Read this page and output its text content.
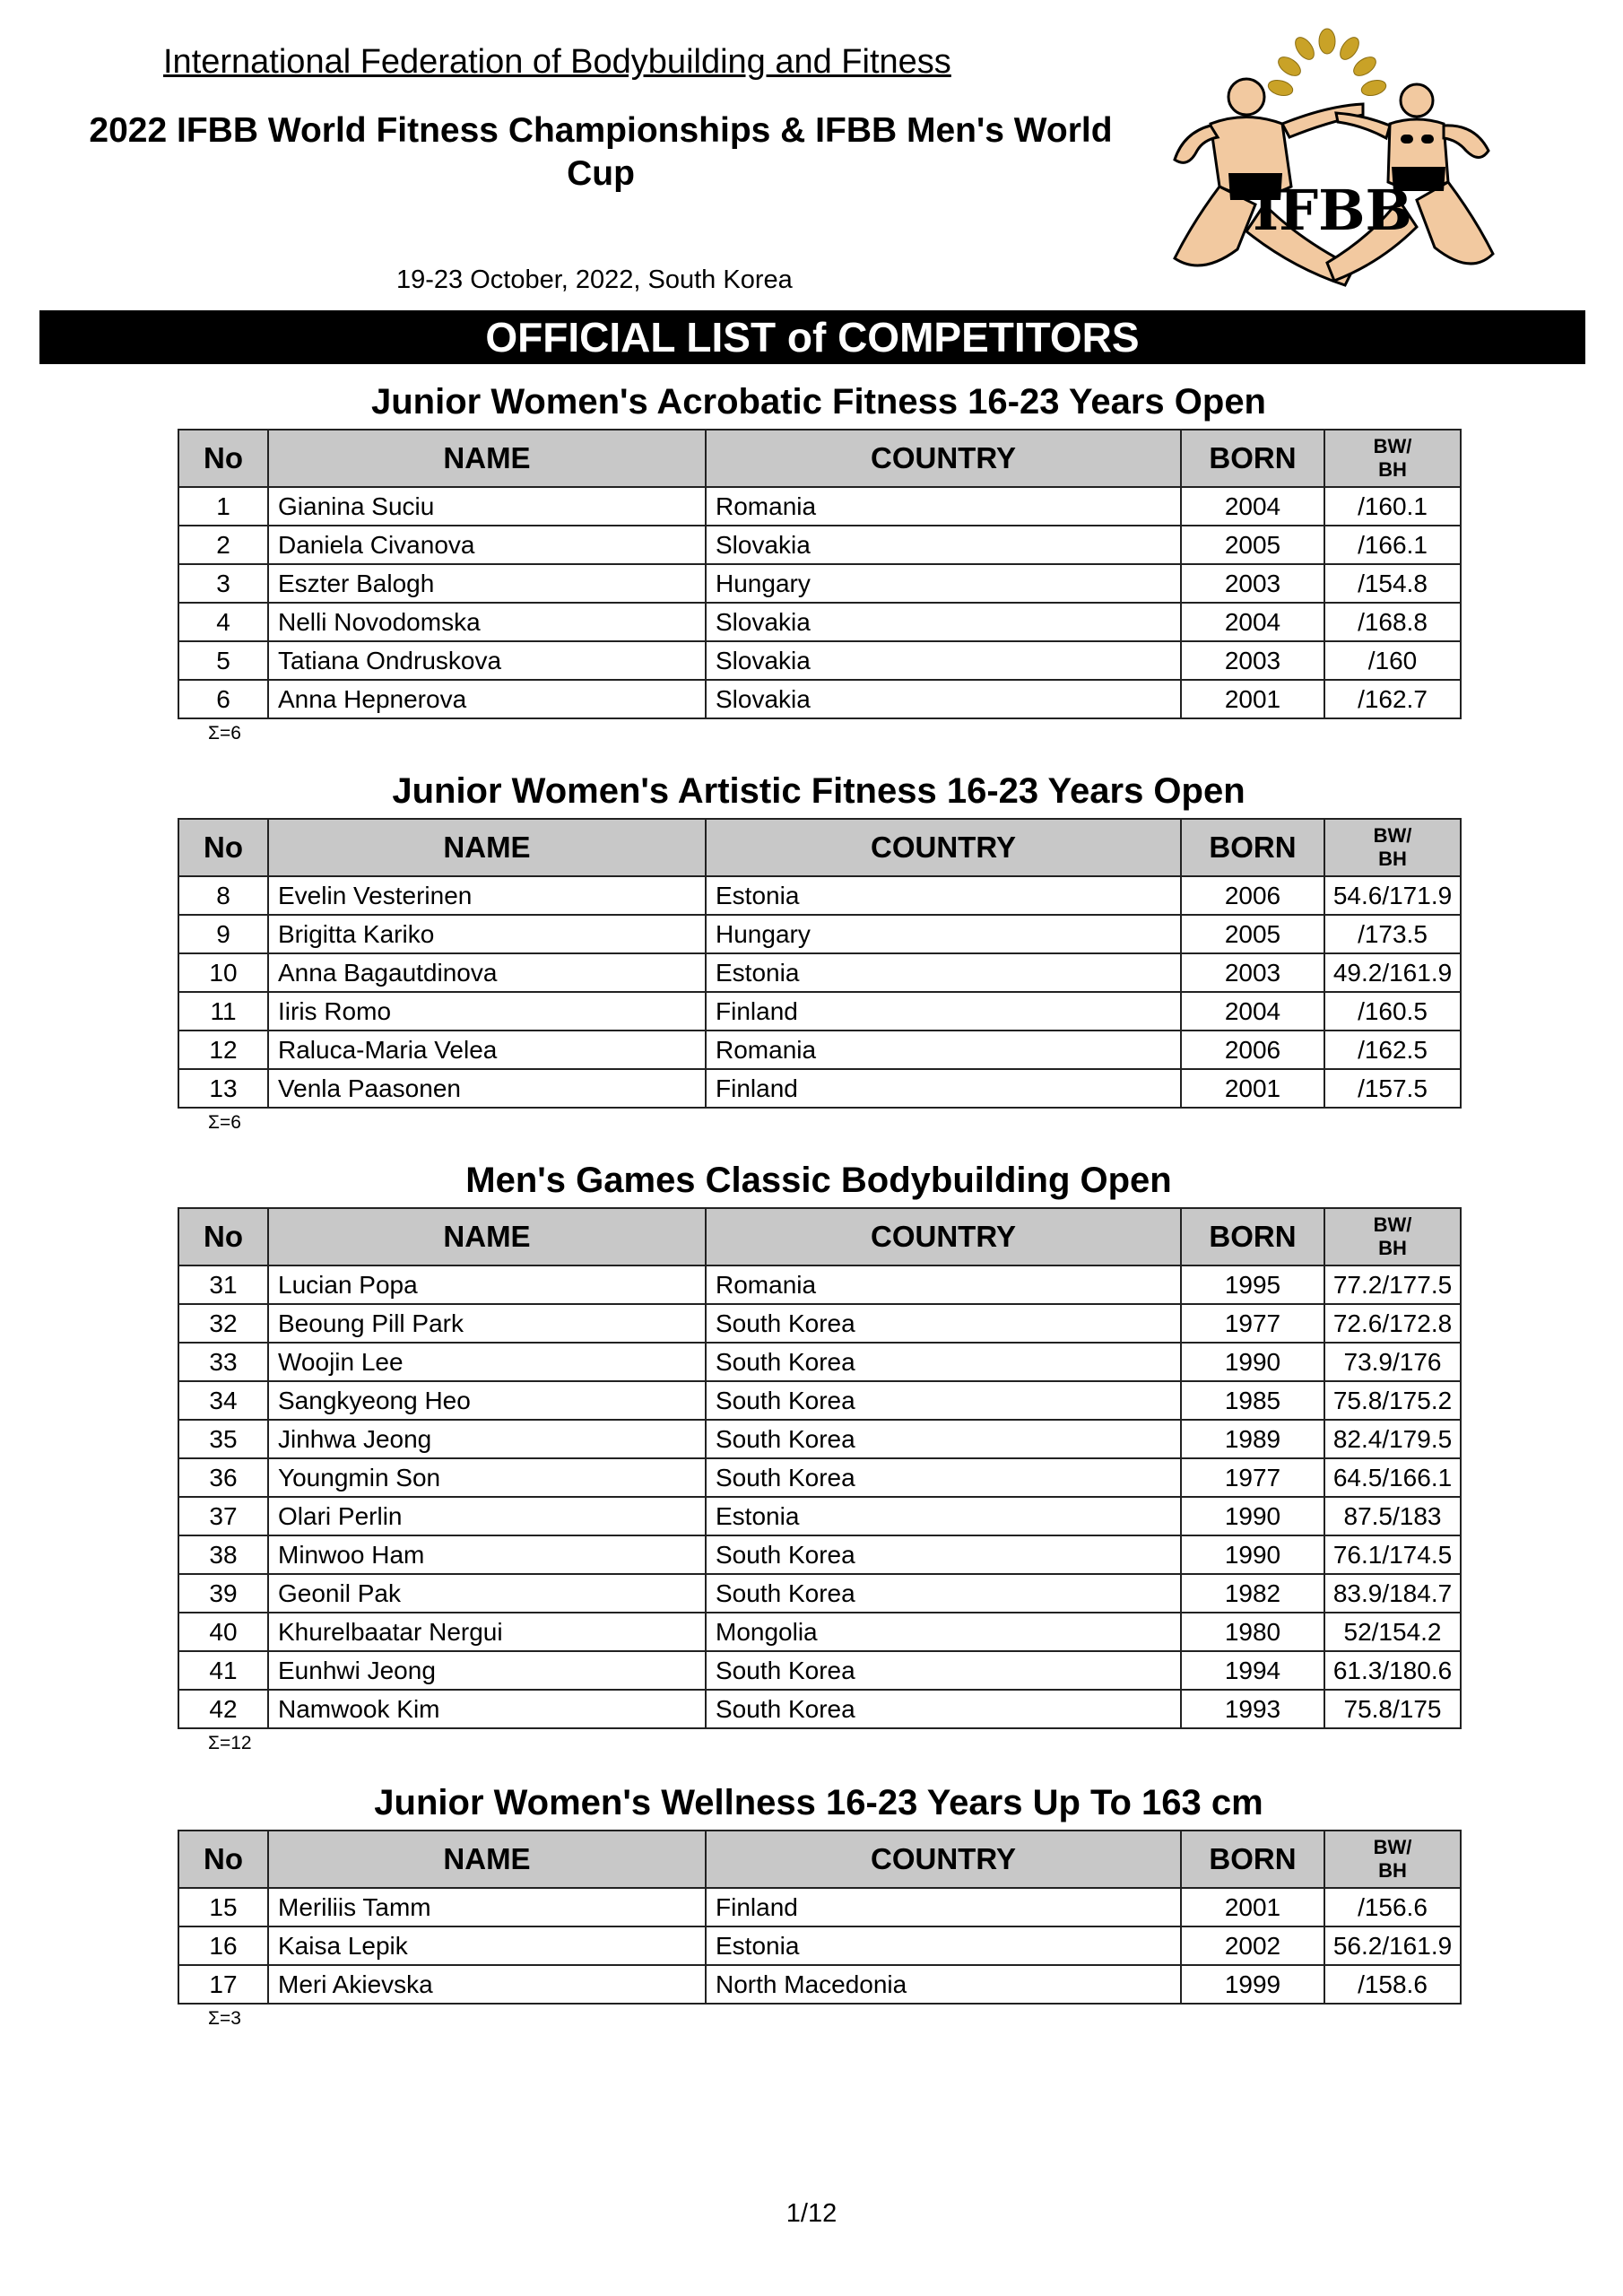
International Federation of Bodybuilding and Fitness
2022 IFBB World Fitness Championships & IFBB Men's World
Cup
19-23 October, 2022, South Korea
IFBB
OFFICIAL LIST of COMPETITORS
Junior Women's Acrobatic Fitness 16-23 Years Open
No	NAME	COUNTRY	BORN	BW/
BH
1	Gianina Suciu	Romania	2004	/160.1
2	Daniela Civanova	Slovakia	2005	/166.1
3	Eszter Balogh	Hungary	2003	/154.8
4	Nelli Novodomska	Slovakia	2004	/168.8
5	Tatiana Ondruskova	Slovakia	2003	/160
6	Anna Hepnerova	Slovakia	2001	/162.7
Σ=6
Junior Women's Artistic Fitness 16-23 Years Open
No	NAME	COUNTRY	BORN	BW/
BH
8	Evelin Vesterinen	Estonia	2006	54.6/171.9
9	Brigitta Kariko	Hungary	2005	/173.5
10	Anna Bagautdinova	Estonia	2003	49.2/161.9
11	Iiris Romo	Finland	2004	/160.5
12	Raluca-Maria Velea	Romania	2006	/162.5
13	Venla Paasonen	Finland	2001	/157.5
Σ=6
Men's Games Classic Bodybuilding Open
No	NAME	COUNTRY	BORN	BW/
BH
31	Lucian Popa	Romania	1995	77.2/177.5
32	Beoung Pill Park	South Korea	1977	72.6/172.8
33	Woojin Lee	South Korea	1990	73.9/176
34	Sangkyeong Heo	South Korea	1985	75.8/175.2
35	Jinhwa Jeong	South Korea	1989	82.4/179.5
36	Youngmin Son	South Korea	1977	64.5/166.1
37	Olari Perlin	Estonia	1990	87.5/183
38	Minwoo Ham	South Korea	1990	76.1/174.5
39	Geonil Pak	South Korea	1982	83.9/184.7
40	Khurelbaatar Nergui	Mongolia	1980	52/154.2
41	Eunhwi Jeong	South Korea	1994	61.3/180.6
42	Namwook Kim	South Korea	1993	75.8/175
Σ=12
Junior Women's Wellness 16-23 Years Up To 163 cm
No	NAME	COUNTRY	BORN	BW/
BH
15	Meriliis Tamm	Finland	2001	/156.6
16	Kaisa Lepik	Estonia	2002	56.2/161.9
17	Meri Akievska	North Macedonia	1999	/158.6
Σ=3
1/12
